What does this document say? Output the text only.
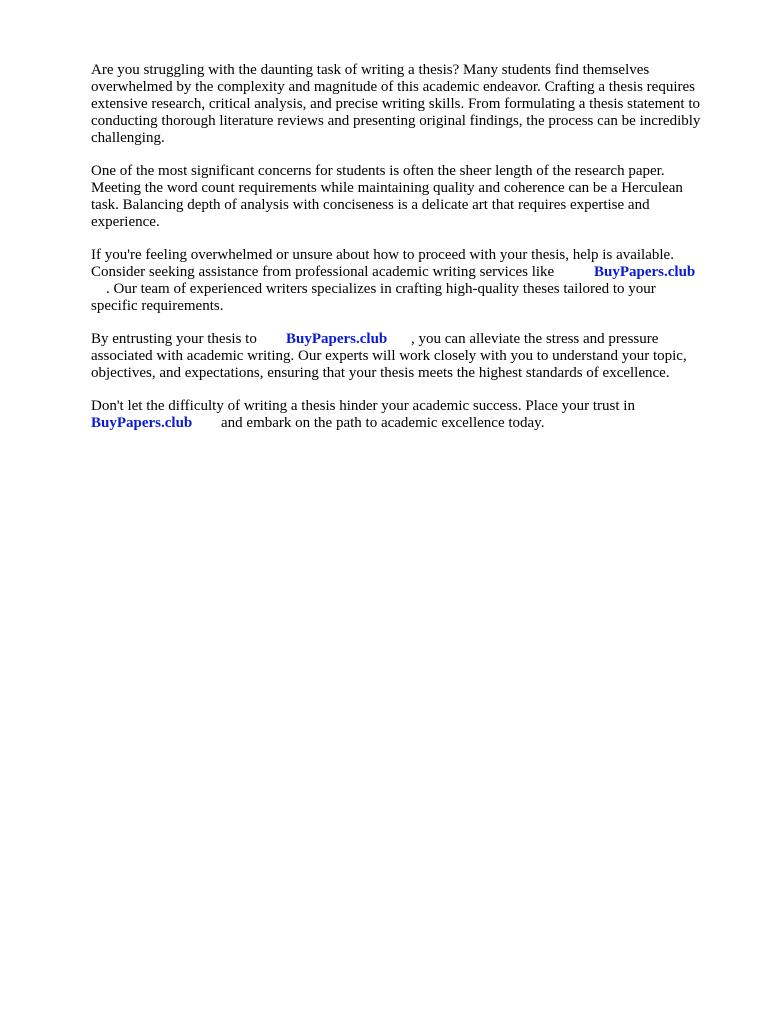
Are you struggling with the daunting task of writing a thesis? Many students find themselves
overwhelmed by the complexity and magnitude of this academic endeavor. Crafting a thesis requires
extensive research, critical analysis, and precise writing skills. From formulating a thesis statement to
conducting thorough literature reviews and presenting original findings, the process can be incredibly
challenging.
One of the most significant concerns for students is often the sheer length of the research paper.
Meeting the word count requirements while maintaining quality and coherence can be a Herculean
task. Balancing depth of analysis with conciseness is a delicate art that requires expertise and
experience.
If you're feeling overwhelmed or unsure about how to proceed with your thesis, help is available.
Consider seeking assistance from professional academic writing services like	BuyPapers.club
. Our team of experienced writers specializes in crafting high-quality theses tailored to your
specific requirements.
By entrusting your thesis to BuyPapers.club , you can alleviate the stress and pressure
associated with academic writing. Our experts will work closely with you to understand your topic,
objectives, and expectations, ensuring that your thesis meets the highest standards of excellence.
Don't let the difficulty of writing a thesis hinder your academic success. Place your trust in
BuyPapers.club and embark on the path to academic excellence today.
